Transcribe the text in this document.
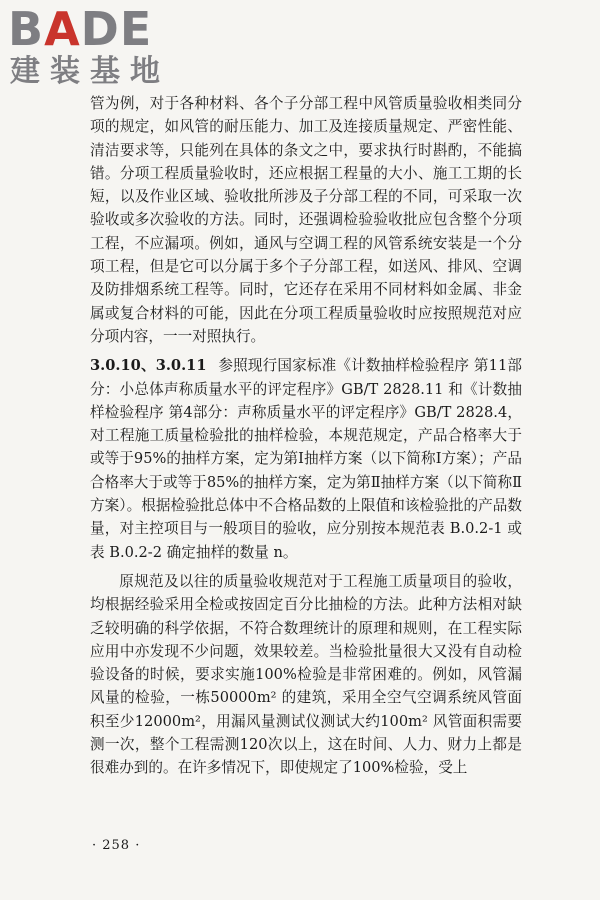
BADE
建装基地

管为例，对于各种材料、各个子分部工程中风管质量验收相类同分项的规定，如风管的耐压能力、加工及连接质量规定、严密性能、清洁要求等，只能列在具体的条文之中，要求执行时斟酌，不能搞错。分项工程质量验收时，还应根据工程量的大小、施工工期的长短，以及作业区域、验收批所涉及子分部工程的不同，可采取一次验收或多次验收的方法。同时，还强调检验验收批应包含整个分项工程，不应漏项。例如，通风与空调工程的风管系统安装是一个分项工程，但是它可以分属于多个子分部工程，如送风、排风、空调及防排烟系统工程等。同时，它还存在采用不同材料如金属、非金属或复合材料的可能，因此在分项工程质量验收时应按照规范对应分项内容，一一对照执行。

3.0.10、3.0.11 参照现行国家标准《计数抽样检验程序 第11部分：小总体声称质量水平的评定程序》GB/T 2828.11 和《计数抽样检验程序 第4部分：声称质量水平的评定程序》GB/T 2828.4，对工程施工质量检验批的抽样检验，本规范规定，产品合格率大于或等于95%的抽样方案，定为第Ⅰ抽样方案（以下简称Ⅰ方案）；产品合格率大于或等于85%的抽样方案，定为第Ⅱ抽样方案（以下简称Ⅱ方案）。根据检验批总体中不合格品数的上限值和该检验批的产品数量，对主控项目与一般项目的验收，应分别按本规范表 B.0.2-1 或表 B.0.2-2 确定抽样的数量 n。

原规范及以往的质量验收规范对于工程施工质量项目的验收，均根据经验采用全检或按固定百分比抽检的方法。此种方法相对缺乏较明确的科学依据，不符合数理统计的原理和规则，在工程实际应用中亦发现不少问题，效果较差。当检验批量很大又没有自动检验设备的时候，要求实施100%检验是非常困难的。例如，风管漏风量的检验，一栋50000m² 的建筑，采用全空气空调系统风管面积至少12000m²，用漏风量测试仪测试大约100m² 风管面积需要测一次，整个工程需测120次以上，这在时间、人力、财力上都是很难办到的。在许多情况下，即使规定了100%检验，受上

· 258 ·
